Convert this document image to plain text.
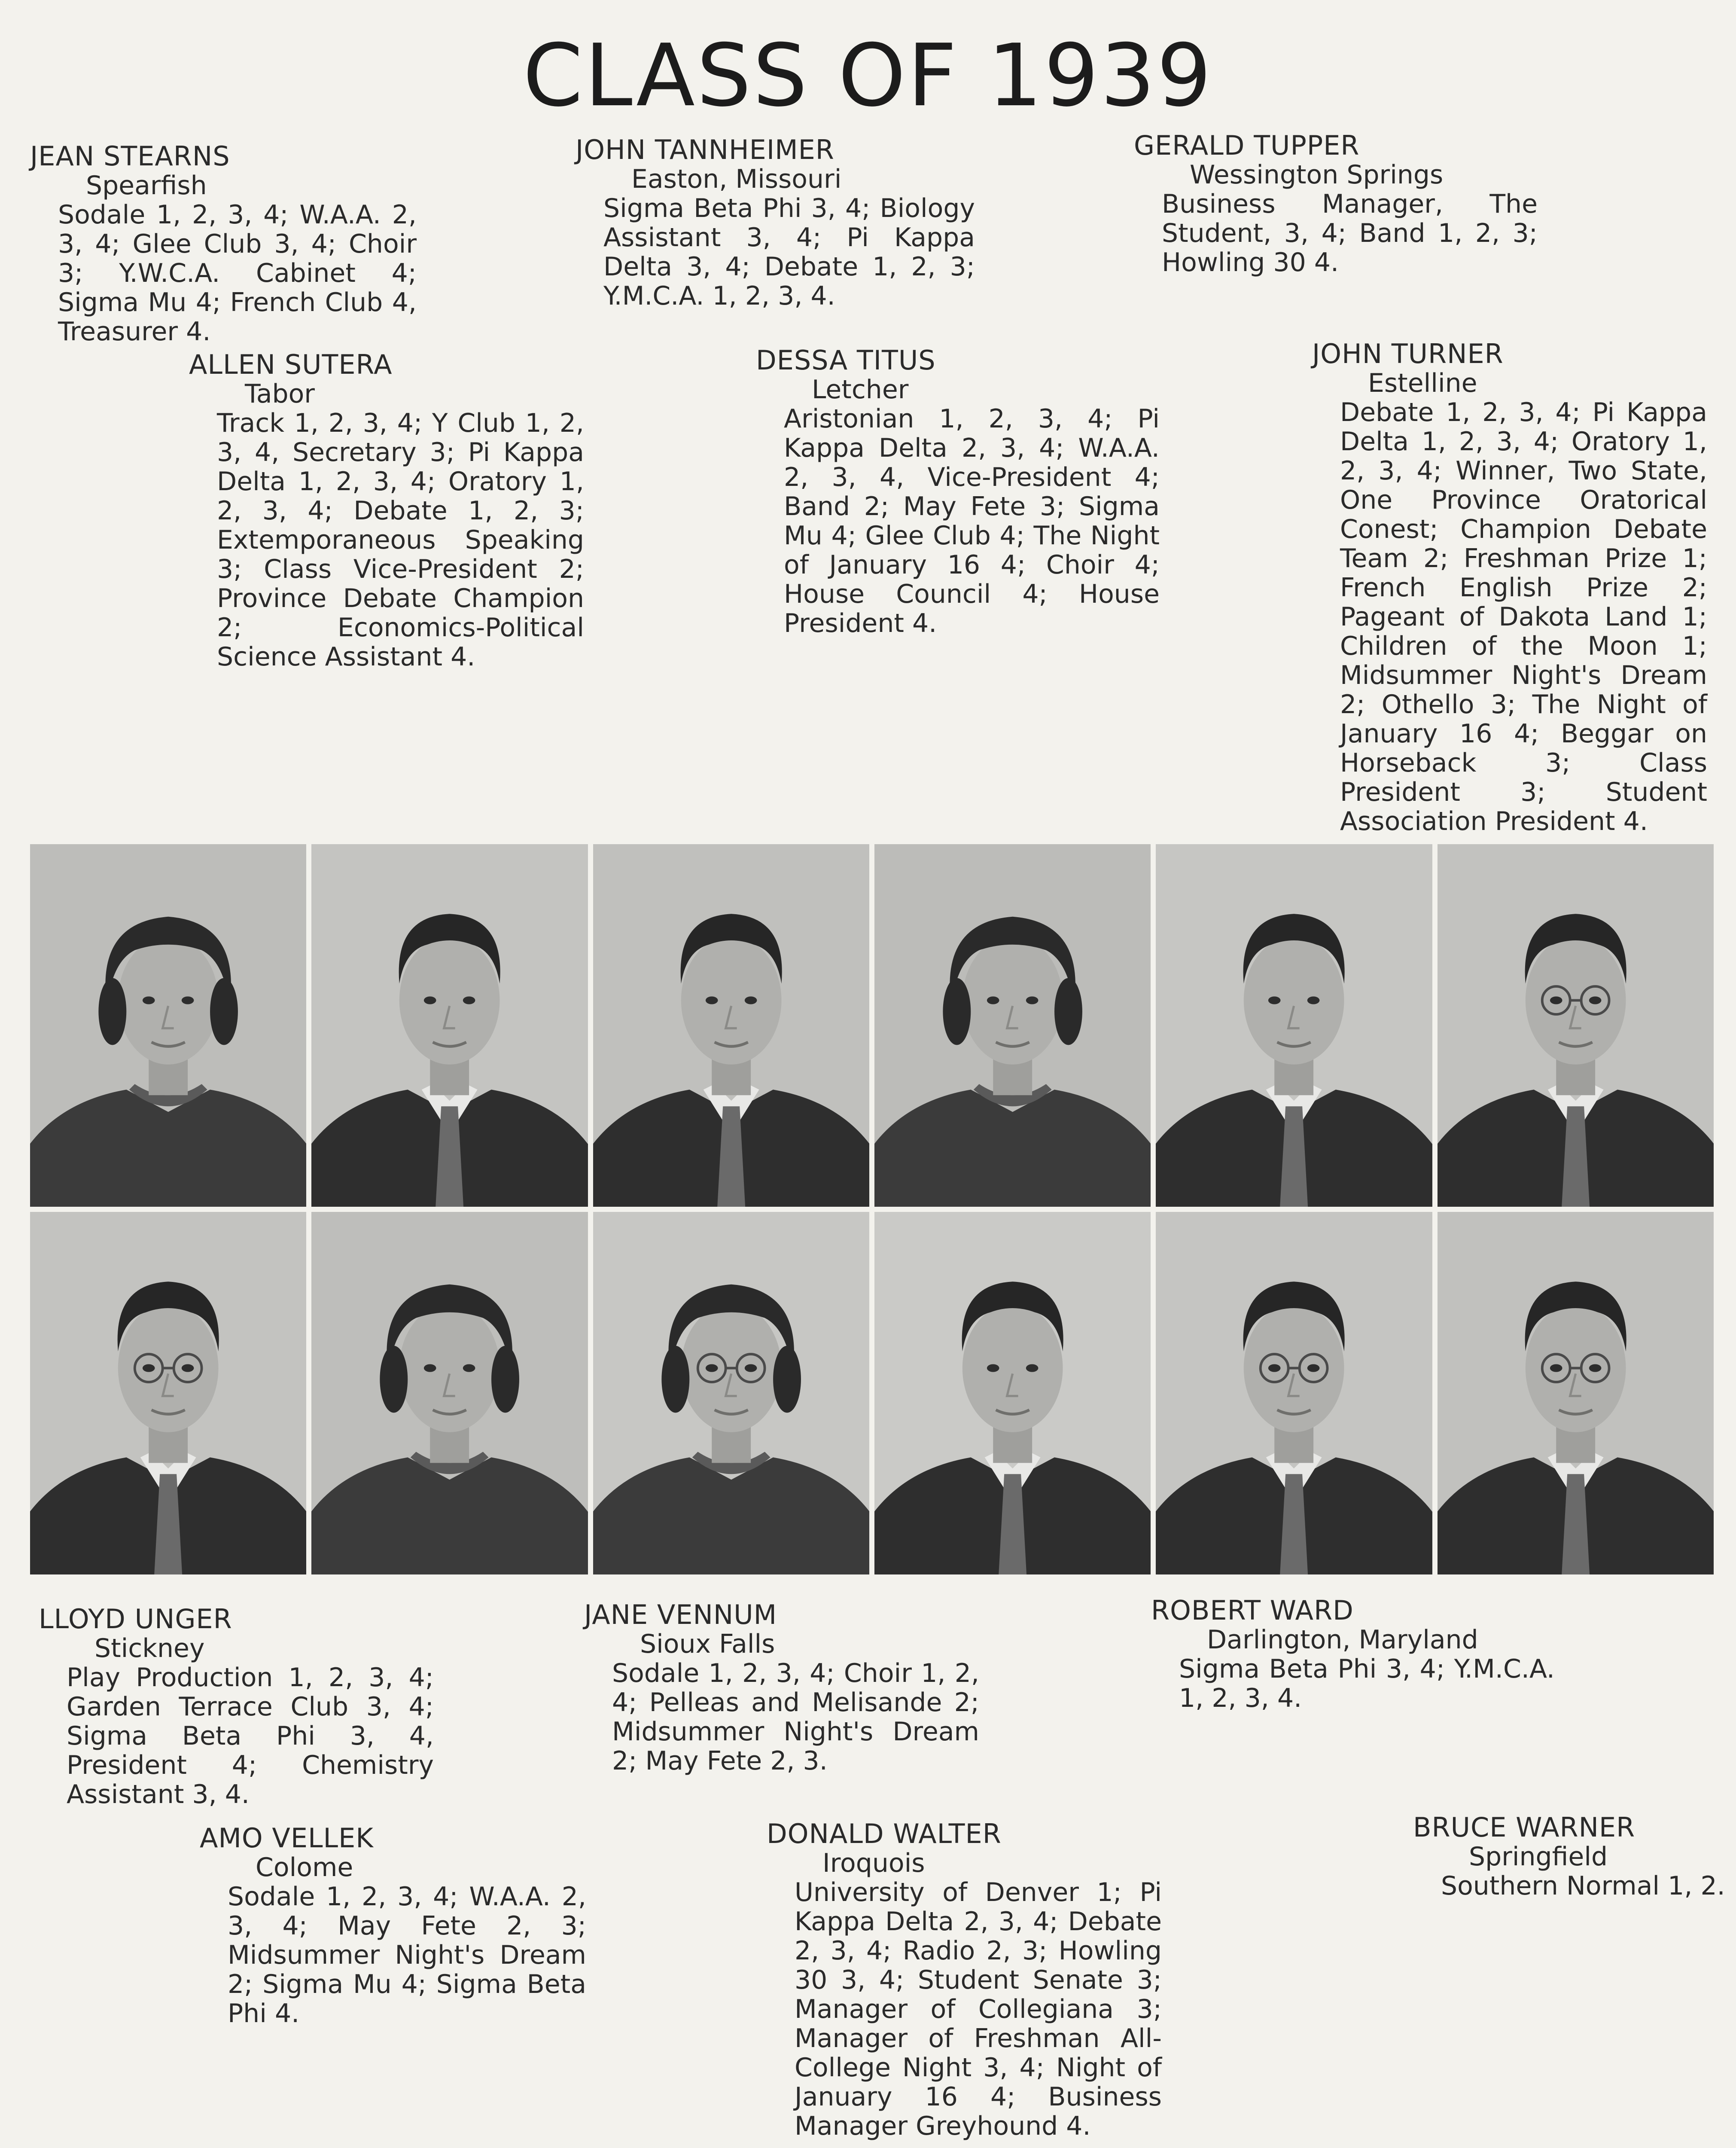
CLASS OF 1939
JEAN STEARNS
Spearfish
Sodale 1, 2, 3, 4; W.A.A. 2, 3, 4; Glee Club 3, 4; Choir 3; Y.W.C.A. Cabinet 4; Sigma Mu 4; French Club 4, Treasurer 4.
JOHN TANNHEIMER
Easton, Missouri
Sigma Beta Phi 3, 4; Biology Assistant 3, 4; Pi Kappa Delta 3, 4; Debate 1, 2, 3; Y.M.C.A. 1, 2, 3, 4.
GERALD TUPPER
Wessington Springs
Business Manager, The Student, 3, 4; Band 1, 2, 3; Howling 30 4.
ALLEN SUTERA
Tabor
Track 1, 2, 3, 4; Y Club 1, 2, 3, 4, Secretary 3; Pi Kappa Delta 1, 2, 3, 4; Oratory 1, 2, 3, 4; Debate 1, 2, 3; Extemporaneous Speaking 3; Class Vice-President 2; Province Debate Champion 2; Economics-Political Science Assistant 4.
DESSA TITUS
Letcher
Aristonian 1, 2, 3, 4; Pi Kappa Delta 2, 3, 4; W.A.A. 2, 3, 4, Vice-President 4; Band 2; May Fete 3; Sigma Mu 4; Glee Club 4; The Night of January 16 4; Choir 4; House Council 4; House President 4.
JOHN TURNER
Estelline
Debate 1, 2, 3, 4; Pi Kappa Delta 1, 2, 3, 4; Oratory 1, 2, 3, 4; Winner, Two State, One Province Oratorical Conest; Champion Debate Team 2; Freshman Prize 1; French English Prize 2; Pageant of Dakota Land 1; Children of the Moon 1; Midsummer Night's Dream 2; Othello 3; The Night of January 16 4; Beggar on Horseback 3; Class President 3; Student Association President 4.
LLOYD UNGER
Stickney
Play Production 1, 2, 3, 4; Garden Terrace Club 3, 4; Sigma Beta Phi 3, 4, President 4; Chemistry Assistant 3, 4.
JANE VENNUM
Sioux Falls
Sodale 1, 2, 3, 4; Choir 1, 2, 4; Pelleas and Melisande 2; Midsummer Night's Dream 2; May Fete 2, 3.
ROBERT WARD
Darlington, Maryland
Sigma Beta Phi 3, 4; Y.M.C.A. 1, 2, 3, 4.
AMO VELLEK
Colome
Sodale 1, 2, 3, 4; W.A.A. 2, 3, 4; May Fete 2, 3; Midsummer Night's Dream 2; Sigma Mu 4; Sigma Beta Phi 4.
DONALD WALTER
Iroquois
University of Denver 1; Pi Kappa Delta 2, 3, 4; Debate 2, 3, 4; Radio 2, 3; Howling 30 3, 4; Student Senate 3; Manager of Collegiana 3; Manager of Freshman All-College Night 3, 4; Night of January 16 4; Business Manager Greyhound 4.
BRUCE WARNER
Springfield
Southern Normal 1, 2.
